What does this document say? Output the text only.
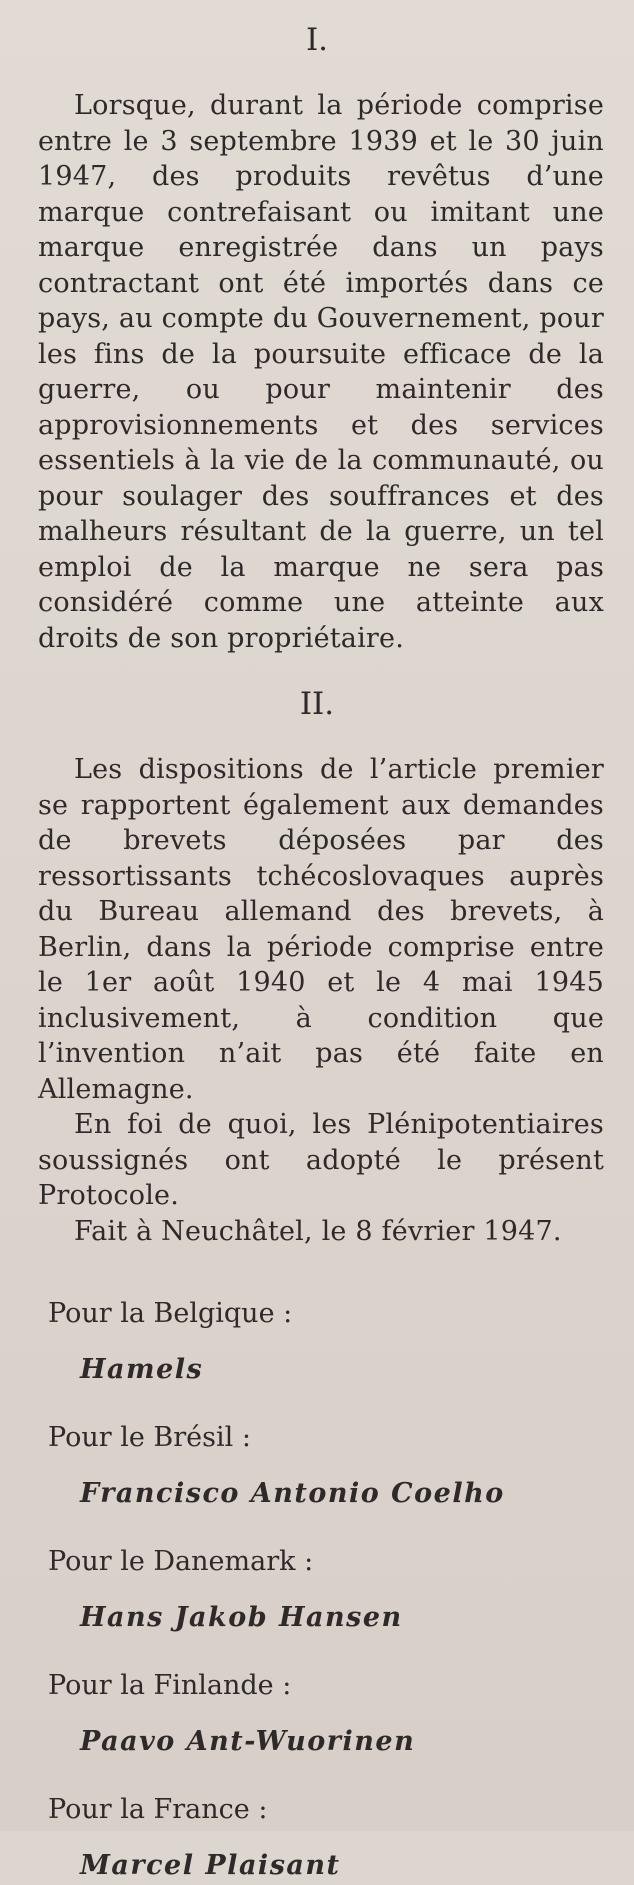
I.

Lorsque, durant la période comprise entre le 3 septembre 1939 et le 30 juin 1947, des produits revêtus d’une marque contrefaisant ou imitant une marque enregistrée dans un pays contractant ont été importés dans ce pays, au compte du Gouvernement, pour les fins de la poursuite efficace de la guerre, ou pour maintenir des approvisionnements et des services essentiels à la vie de la communauté, ou pour soulager des souffrances et des malheurs résultant de la guerre, un tel emploi de la marque ne sera pas considéré comme une atteinte aux droits de son propriétaire.

II.

Les dispositions de l’article premier se rapportent également aux demandes de brevets déposées par des ressortissants tchécoslovaques auprès du Bureau allemand des brevets, à Berlin, dans la période comprise entre le 1er août 1940 et le 4 mai 1945 inclusivement, à condition que l’invention n’ait pas été faite en Allemagne.

En foi de quoi, les Plénipotentiaires soussignés ont adopté le présent Protocole.

Fait à Neuchâtel, le 8 février 1947.

Pour la Belgique :

Hamels

Pour le Brésil :

Francisco Antonio Coelho

Pour le Danemark :

Hans Jakob Hansen

Pour la Finlande :

Paavo Ant-Wuorinen

Pour la France :

Marcel Plaisant
